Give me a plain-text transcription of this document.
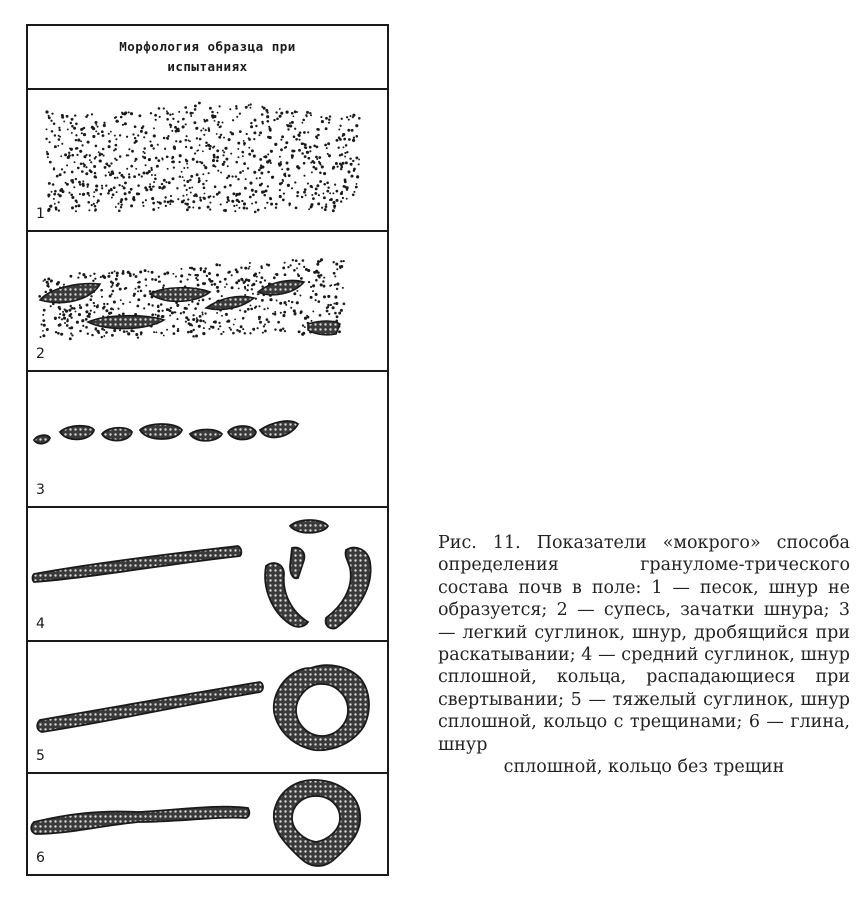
Морфология образца при испытаниях
1
2
3
4
5
6
Рис. 11. Показатели «мокрого» способа определения грануломе-трического состава почв в поле: 1 — песок, шнур не образуется; 2 — супесь, зачатки шнура; 3 — легкий суглинок, шнур, дробящийся при раскатывании; 4 — средний суглинок, шнур сплошной, кольца, распадающиеся при свертывании; 5 — тяжелый суглинок, шнур сплошной, кольцо с трещинами; 6 — глина, шнур
сплошной, кольцо без трещин
